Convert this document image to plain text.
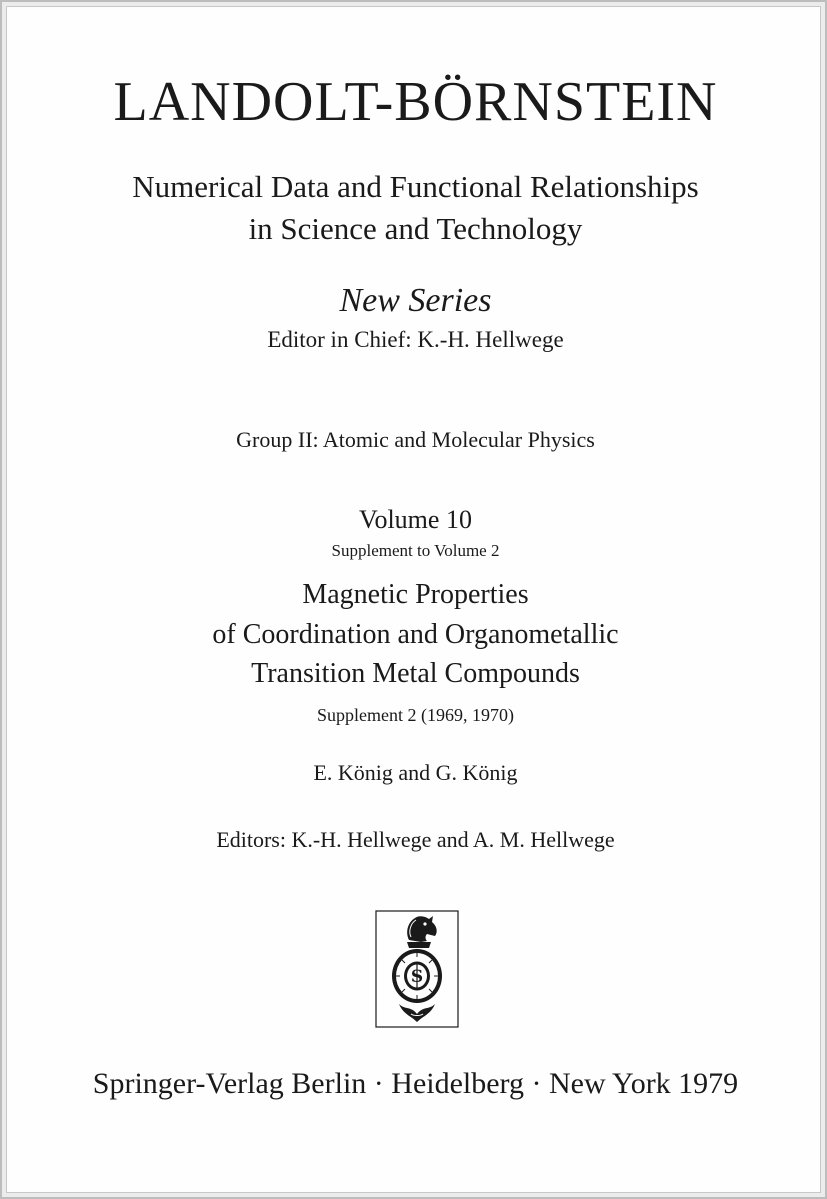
LANDOLT-BÖRNSTEIN
Numerical Data and Functional Relationships
in Science and Technology
New Series
Editor in Chief: K.-H. Hellwege
Group II: Atomic and Molecular Physics
Volume 10
Supplement to Volume 2
Magnetic Properties
of Coordination and Organometallic
Transition Metal Compounds
Supplement 2 (1969, 1970)
E. König and G. König
Editors: K.-H. Hellwege and A. M. Hellwege
S
Springer-Verlag Berlin · Heidelberg · New York 1979
